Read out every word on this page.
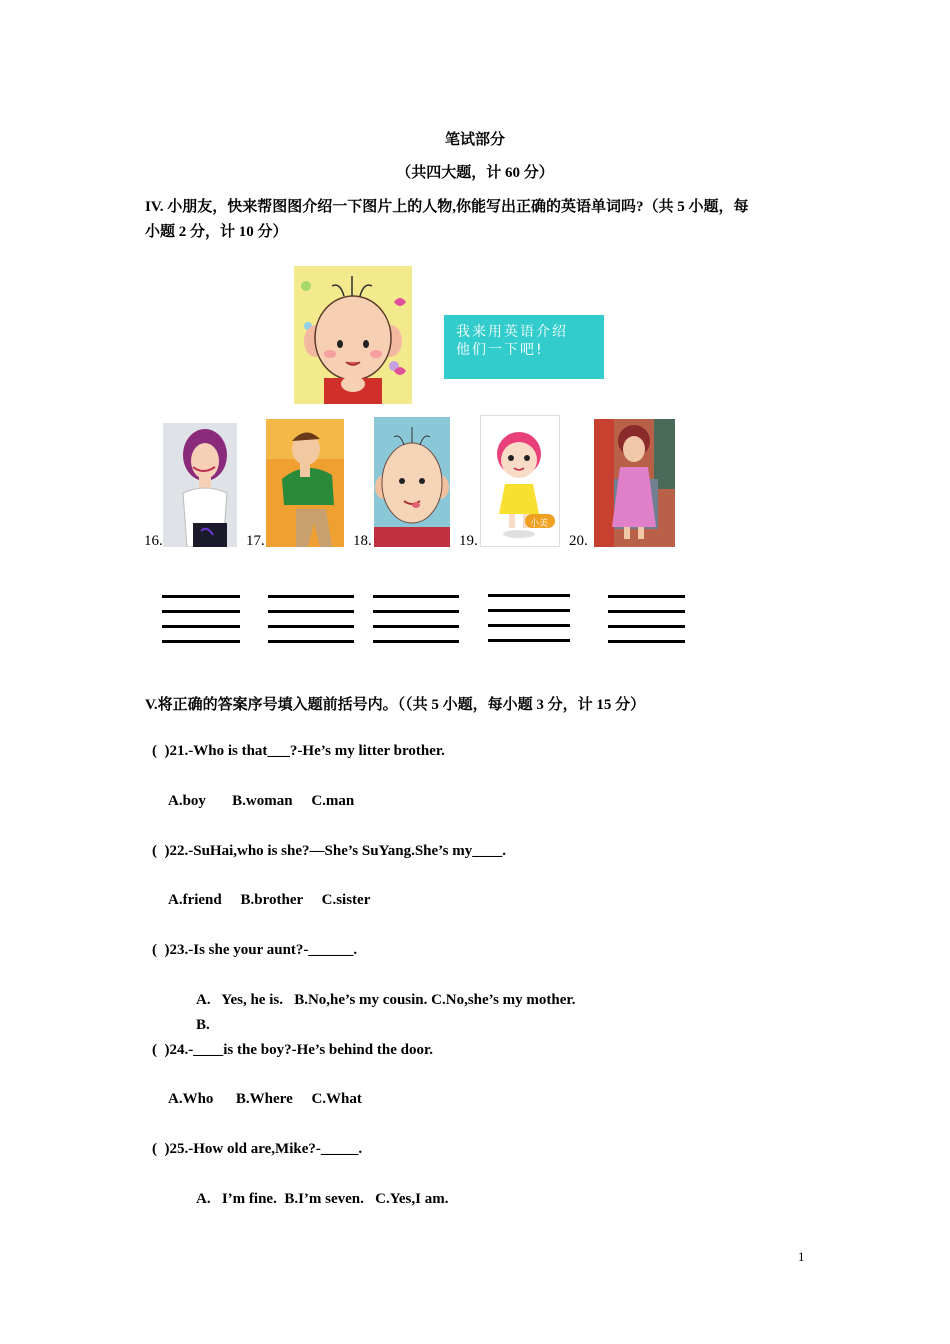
笔试部分
（共四大题，计 60 分）
IV. 小朋友，快来帮图图介绍一下图片上的人物,你能写出正确的英语单词吗?（共 5 小题，每
小题 2 分，计 10 分）
我来用英语介绍
他们一下吧!
16.	17.	18.	19.	20.
小美
V.将正确的答案序号填入题前括号内。（（共 5 小题，每小题 3 分，计 15 分）
(  )21.-Who is that___?-He’s my litter brother.
A.boy       B.woman     C.man
(  )22.-SuHai,who is she?—She’s SuYang.She’s my____.
A.friend     B.brother     C.sister
(  )23.-Is she your aunt?-______.
A.   Yes, he is.   B.No,he’s my cousin. C.No,she’s my mother.
B.
(  )24.-____is the boy?-He’s behind the door.
A.Who      B.Where     C.What
(  )25.-How old are,Mike?-_____.
A.   I’m fine.  B.I’m seven.   C.Yes,I am.
1
